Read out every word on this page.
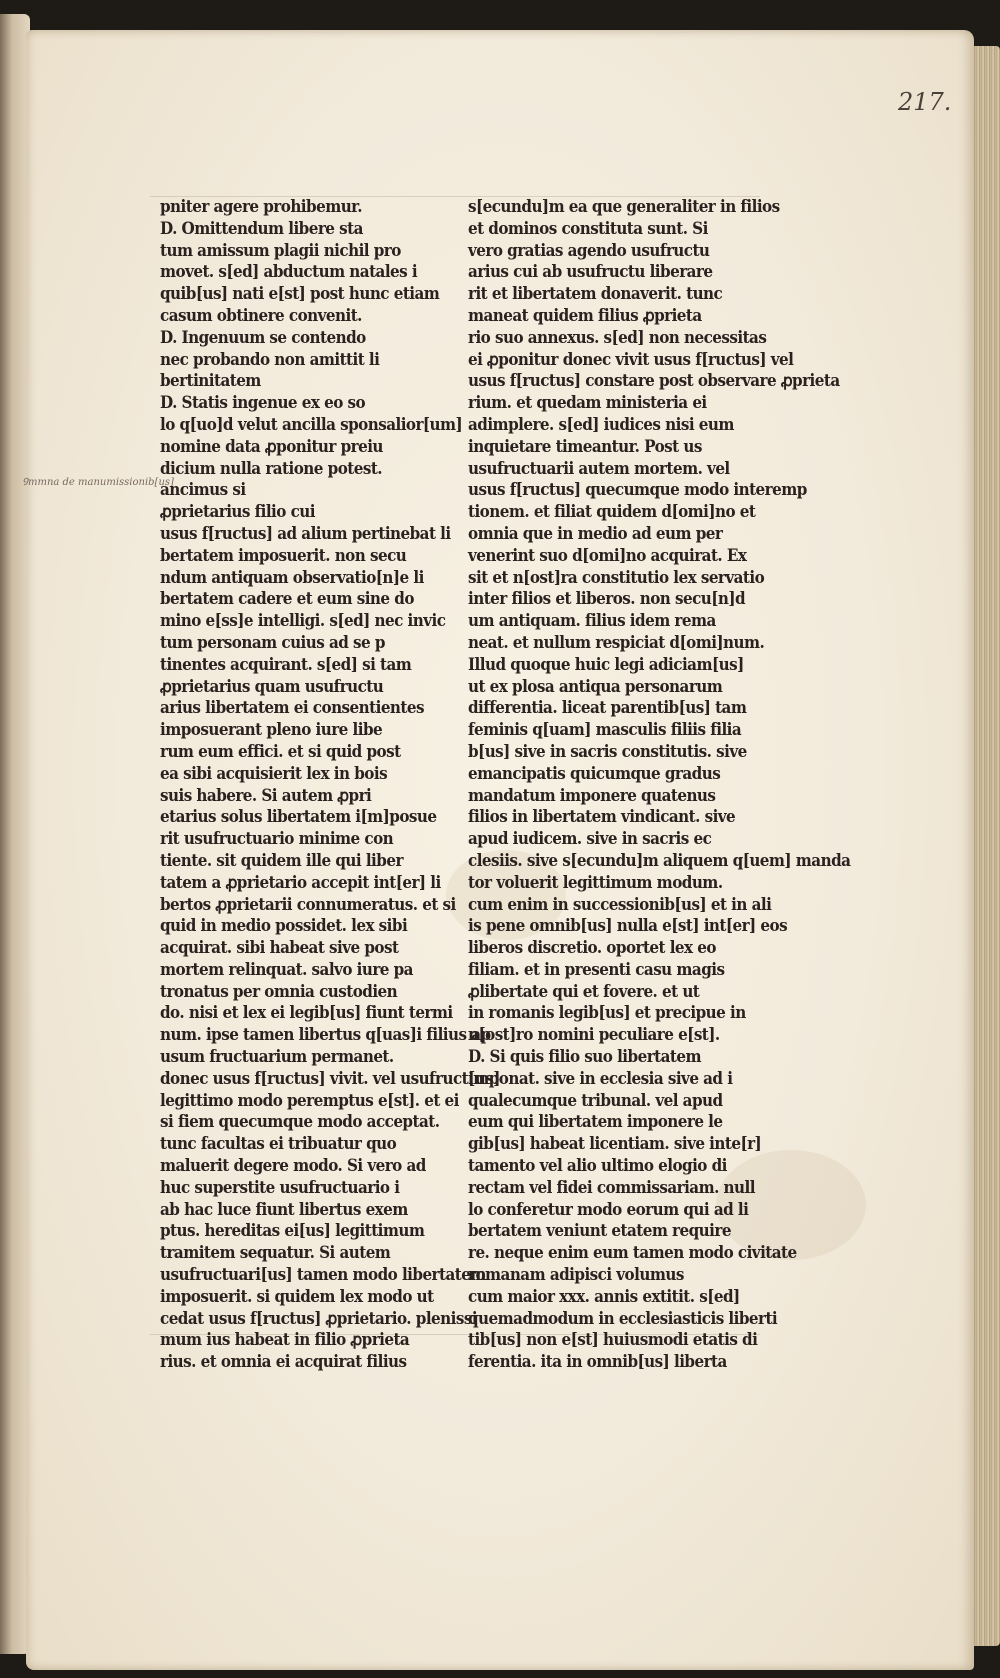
217.
Ꝯmmna de manumissionib[us]
pniter agere prohibemur.
D. Omittendum libere sta
tum amissum plagii nichil pro
movet. s[ed] abductum natales i
quib[us] nati e[st] post hunc etiam
casum obtinere convenit.
D. Ingenuum se contendo
nec probando non amittit li
bertinitatem
D. Statis ingenue ex eo so
lo q[uo]d velut ancilla sponsalior[um]
nomine data ꝓponitur preiu
dicium nulla ratione potest.
ancimus si
ꝓprietarius filio cui
usus f[ructus] ad alium pertinebat li
bertatem imposuerit. non secu
ndum antiquam observatio[n]e li
bertatem cadere et eum sine do
mino e[ss]e intelligi. s[ed] nec invic
tum personam cuius ad se p
tinentes acquirant. s[ed] si tam
ꝓprietarius quam usufructu
arius libertatem ei consentientes
imposuerant pleno iure libe
rum eum effici. et si quid post
ea sibi acquisierit lex in bois
suis habere. Si autem ꝓpri
etarius solus libertatem i[m]posue
rit usufructuario minime con
tiente. sit quidem ille qui liber
tatem a ꝓprietario accepit int[er] li
bertos ꝓprietarii connumeratus. et si
quid in medio possidet. lex sibi
acquirat. sibi habeat sive post
mortem relinquat. salvo iure pa
tronatus per omnia custodien
do. nisi et lex ei legib[us] fiunt termi
num. ipse tamen libertus q[uas]i filius ap
usum fructuarium permanet.
donec usus f[ructus] vivit. vel usufruct[us]
legittimo modo peremptus e[st]. et ei
si fiem quecumque modo acceptat.
tunc facultas ei tribuatur quo
maluerit degere modo. Si vero ad
huc superstite usufructuario i
ab hac luce fiunt libertus exem
ptus. hereditas ei[us] legittimum
tramitem sequatur. Si autem
usufructuari[us] tamen modo libertatem
imposuerit. si quidem lex modo ut
cedat usus f[ructus] ꝓprietario. plenissi
mum ius habeat in filio ꝓprieta
rius. et omnia ei acquirat filius
s[ecundu]m ea que generaliter in filios
et dominos constituta sunt. Si
vero gratias agendo usufructu
arius cui ab usufructu liberare
rit et libertatem donaverit. tunc
maneat quidem filius ꝓprieta
rio suo annexus. s[ed] non necessitas
ei ꝓponitur donec vivit usus f[ructus] vel
usus f[ructus] constare post observare ꝓprieta
rium. et quedam ministeria ei
adimplere. s[ed] iudices nisi eum
inquietare timeantur. Post us
usufructuarii autem mortem. vel
usus f[ructus] quecumque modo interemp
tionem. et filiat quidem d[omi]no et
omnia que in medio ad eum per
venerint suo d[omi]no acquirat. Ex
sit et n[ost]ra constitutio lex servatio
inter filios et liberos. non secu[n]d
um antiquam. filius idem rema
neat. et nullum respiciat d[omi]num.
Illud quoque huic legi adiciam[us]
ut ex plosa antiqua personarum
differentia. liceat parentib[us] tam
feminis q[uam] masculis filiis filia
b[us] sive in sacris constitutis. sive
emancipatis quicumque gradus
mandatum imponere quatenus
filios in libertatem vindicant. sive
apud iudicem. sive in sacris ec
clesiis. sive s[ecundu]m aliquem q[uem] manda
tor voluerit legittimum modum.
cum enim in successionib[us] et in ali
is pene omnib[us] nulla e[st] int[er] eos
liberos discretio. oportet lex eo
filiam. et in presenti casu magis
ꝓlibertate qui et fovere. et ut
in romanis legib[us] et precipue in
n[ost]ro nomini peculiare e[st].
D. Si quis filio suo libertatem
imponat. sive in ecclesia sive ad i
qualecumque tribunal. vel apud
eum qui libertatem imponere le
gib[us] habeat licentiam. sive inte[r]
tamento vel alio ultimo elogio di
rectam vel fidei commissariam. null
lo conferetur modo eorum qui ad li
bertatem veniunt etatem require
re. neque enim eum tamen modo civitate
romanam adipisci volumus
cum maior xxx. annis extitit. s[ed]
quemadmodum in ecclesiasticis liberti
tib[us] non e[st] huiusmodi etatis di
ferentia. ita in omnib[us] liberta
